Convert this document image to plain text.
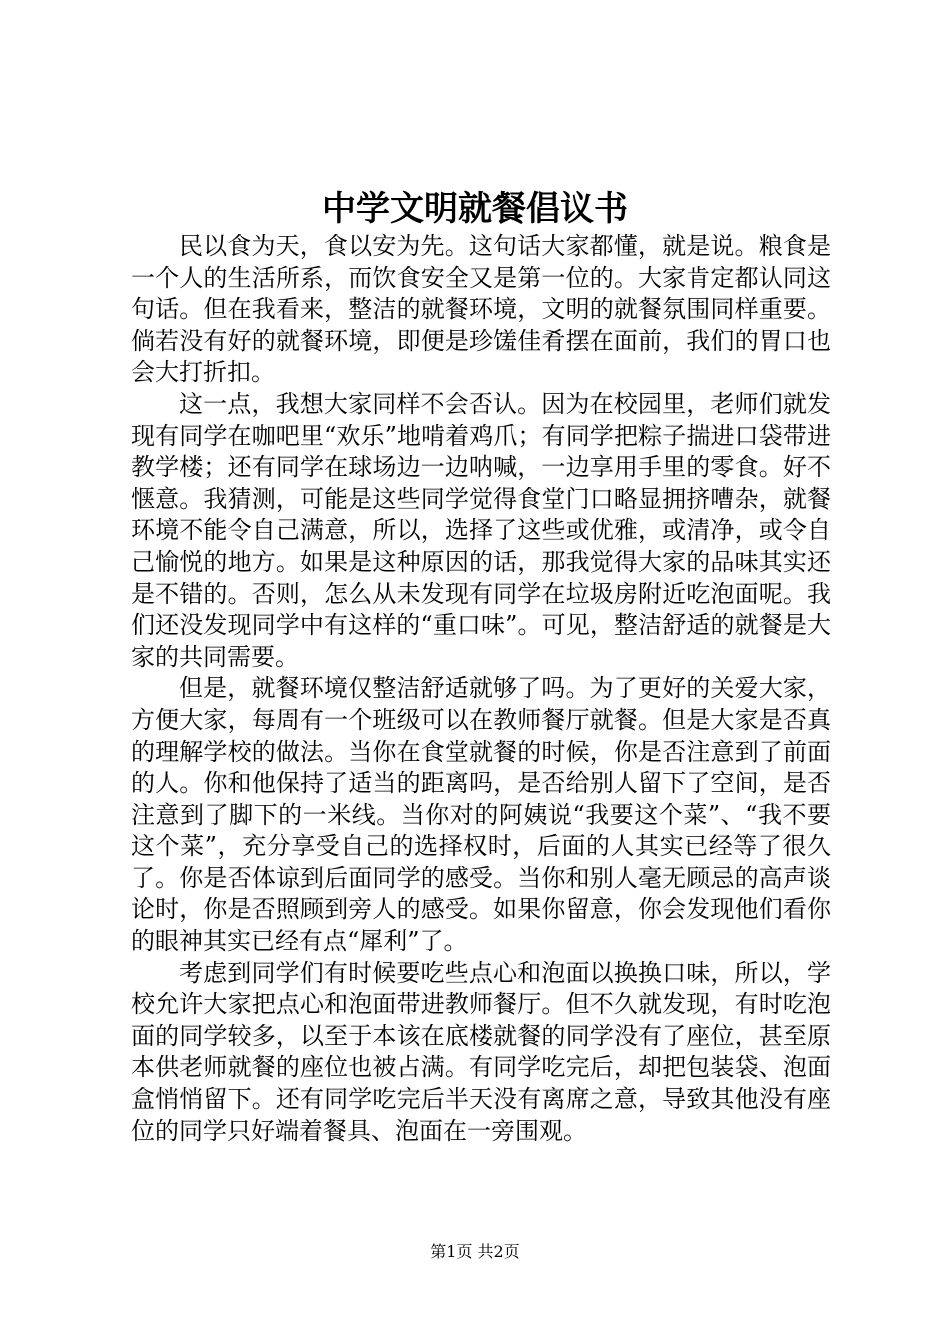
中学文明就餐倡议书

民以食为天，食以安为先。这句话大家都懂，就是说。粮食是一个人的生活所系，而饮食安全又是第一位的。大家肯定都认同这句话。但在我看来，整洁的就餐环境，文明的就餐氛围同样重要。倘若没有好的就餐环境，即便是珍馐佳肴摆在面前，我们的胃口也会大打折扣。

这一点，我想大家同样不会否认。因为在校园里，老师们就发现有同学在咖吧里“欢乐”地啃着鸡爪；有同学把粽子揣进口袋带进教学楼；还有同学在球场边一边呐喊，一边享用手里的零食。好不惬意。我猜测，可能是这些同学觉得食堂门口略显拥挤嘈杂，就餐环境不能令自己满意，所以，选择了这些或优雅，或清净，或令自己愉悦的地方。如果是这种原因的话，那我觉得大家的品味其实还是不错的。否则，怎么从未发现有同学在垃圾房附近吃泡面呢。我们还没发现同学中有这样的“重口味”。可见，整洁舒适的就餐是大家的共同需要。

但是，就餐环境仅整洁舒适就够了吗。为了更好的关爱大家，方便大家，每周有一个班级可以在教师餐厅就餐。但是大家是否真的理解学校的做法。当你在食堂就餐的时候，你是否注意到了前面的人。你和他保持了适当的距离吗，是否给别人留下了空间，是否注意到了脚下的一米线。当你对的阿姨说“我要这个菜”、“我不要这个菜”，充分享受自己的选择权时，后面的人其实已经等了很久了。你是否体谅到后面同学的感受。当你和别人毫无顾忌的高声谈论时，你是否照顾到旁人的感受。如果你留意，你会发现他们看你的眼神其实已经有点“犀利”了。

考虑到同学们有时候要吃些点心和泡面以换换口味，所以，学校允许大家把点心和泡面带进教师餐厅。但不久就发现，有时吃泡面的同学较多，以至于本该在底楼就餐的同学没有了座位，甚至原本供老师就餐的座位也被占满。有同学吃完后，却把包装袋、泡面盒悄悄留下。还有同学吃完后半天没有离席之意，导致其他没有座位的同学只好端着餐具、泡面在一旁围观。

第1页 共2页
